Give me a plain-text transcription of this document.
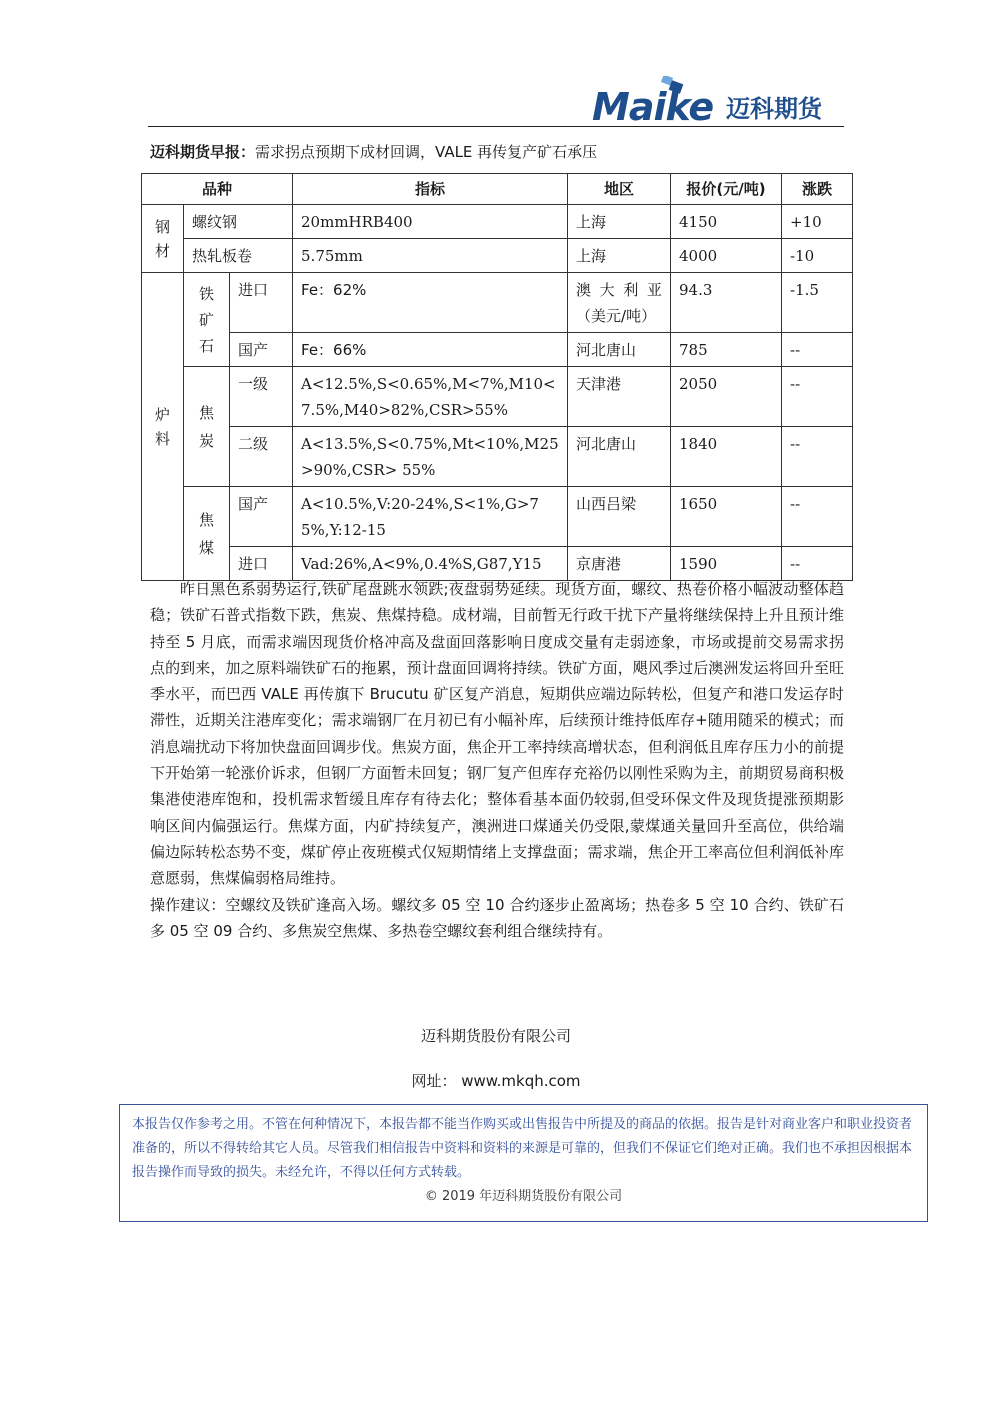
Maike 迈科期货
迈科期货早报：需求拐点预期下成材回调，VALE 再传复产矿石承压
品种			指标	地区	报价(元/吨)	涨跌
钢材	螺纹钢		20mmHRB400	上海	4150	+10
	热轧板卷		5.75mm	上海	4000	-10
炉料	铁矿石	进口	Fe：62%	澳大利亚（美元/吨）	94.3	-1.5
		国产	Fe：66%	河北唐山	785	--
	焦炭	一级	A<12.5%,S<0.65%,M<7%,M10<7.5%,M40>82%,CSR>55%	天津港	2050	--
		二级	A<13.5%,S<0.75%,Mt<10%,M25>90%,CSR> 55%	河北唐山	1840	--
	焦煤	国产	A<10.5%,V:20-24%,S<1%,G>75%,Y:12-15	山西吕梁	1650	--
		进口	Vad:26%,A<9%,0.4%S,G87,Y15	京唐港	1590	--

昨日黑色系弱势运行,铁矿尾盘跳水领跌;夜盘弱势延续。现货方面，螺纹、热卷价格小幅波动整体趋稳；铁矿石普式指数下跌，焦炭、焦煤持稳。成材端，目前暂无行政干扰下产量将继续保持上升且预计维持至 5 月底，而需求端因现货价格冲高及盘面回落影响日度成交量有走弱迹象，市场或提前交易需求拐点的到来，加之原料端铁矿石的拖累，预计盘面回调将持续。铁矿方面，飓风季过后澳洲发运将回升至旺季水平，而巴西 VALE 再传旗下 Brucutu 矿区复产消息，短期供应端边际转松，但复产和港口发运存时滞性，近期关注港库变化；需求端钢厂在月初已有小幅补库，后续预计维持低库存+随用随采的模式；而消息端扰动下将加快盘面回调步伐。焦炭方面，焦企开工率持续高增状态，但利润低且库存压力小的前提下开始第一轮涨价诉求，但钢厂方面暂未回复；钢厂复产但库存充裕仍以刚性采购为主，前期贸易商积极集港使港库饱和，投机需求暂缓且库存有待去化；整体看基本面仍较弱,但受环保文件及现货提涨预期影响区间内偏强运行。焦煤方面，内矿持续复产，澳洲进口煤通关仍受限,蒙煤通关量回升至高位，供给端偏边际转松态势不变，煤矿停止夜班模式仅短期情绪上支撑盘面；需求端，焦企开工率高位但利润低补库意愿弱，焦煤偏弱格局维持。

操作建议：空螺纹及铁矿逢高入场。螺纹多 05 空 10 合约逐步止盈离场；热卷多 5 空 10 合约、铁矿石多 05 空 09 合约、多焦炭空焦煤、多热卷空螺纹套利组合继续持有。

迈科期货股份有限公司
网址： www.mkqh.com
本报告仅作参考之用。不管在何种情况下，本报告都不能当作购买或出售报告中所提及的商品的依据。报告是针对商业客户和职业投资者准备的，所以不得转给其它人员。尽管我们相信报告中资料和资料的来源是可靠的，但我们不保证它们绝对正确。我们也不承担因根据本报告操作而导致的损失。未经允许，不得以任何方式转载。
© 2019 年迈科期货股份有限公司
